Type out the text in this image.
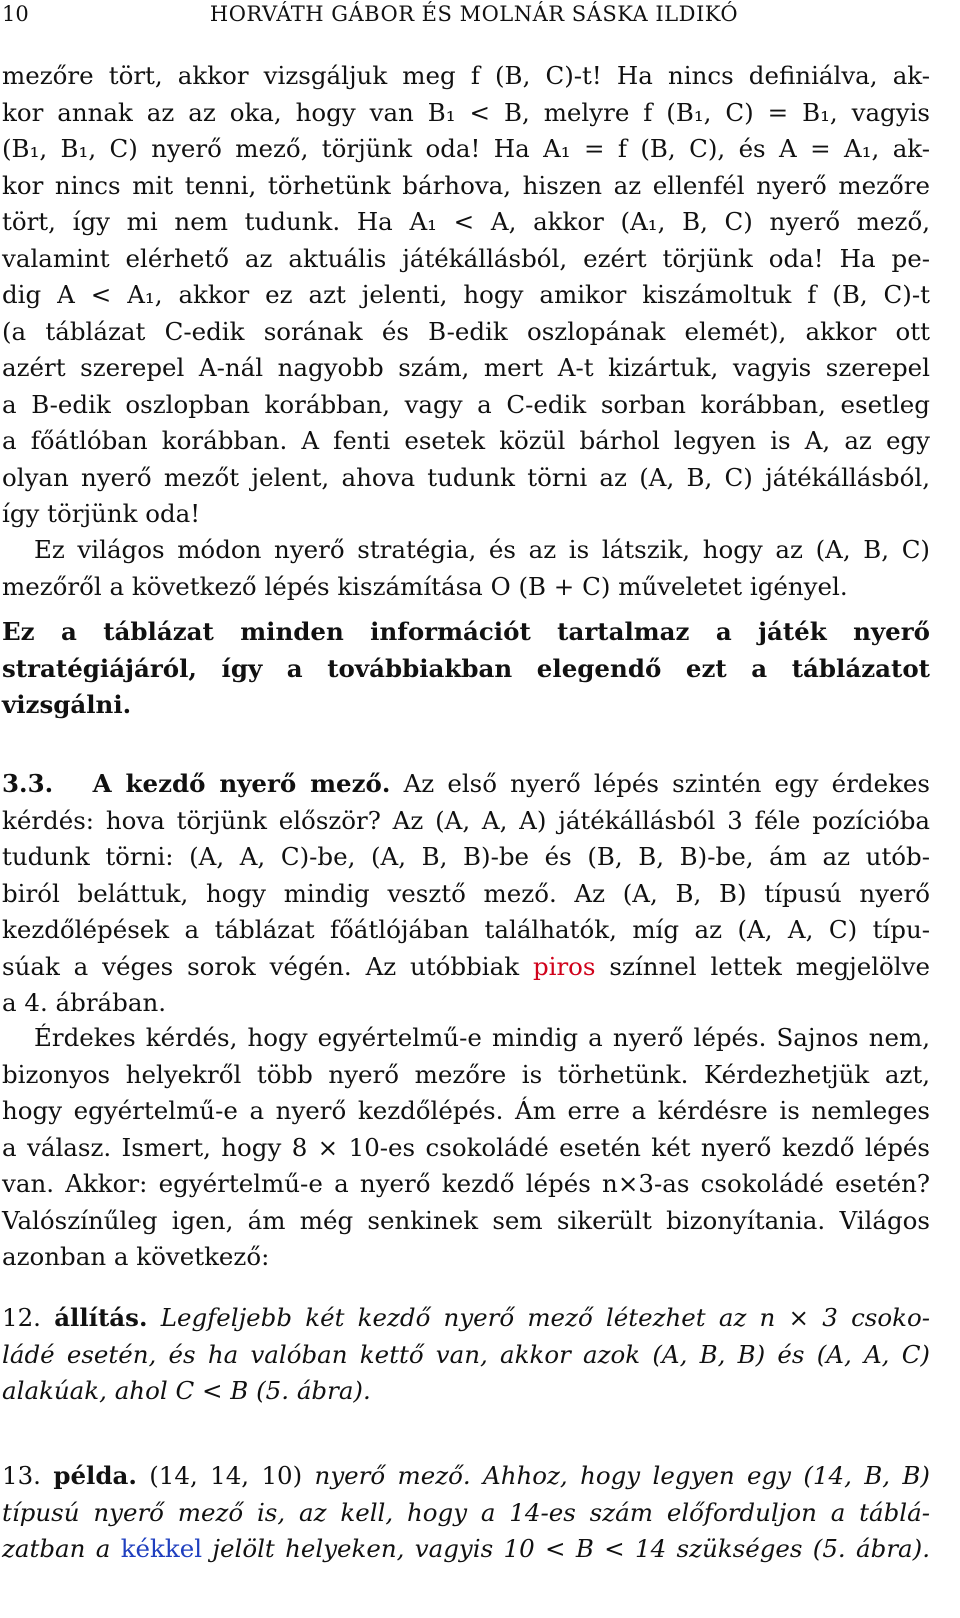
10	HORVÁTH GÁBOR ÉS MOLNÁR SÁSKA ILDIKÓ
mezőre tört, akkor vizsgáljuk meg f (B, C)-t! Ha nincs definiálva, ak-
kor annak az az oka, hogy van B₁ < B, melyre f (B₁, C) = B₁, vagyis
(B₁, B₁, C) nyerő mező, törjünk oda! Ha A₁ = f (B, C), és A = A₁, ak-
kor nincs mit tenni, törhetünk bárhova, hiszen az ellenfél nyerő mezőre
tört, így mi nem tudunk. Ha A₁ < A, akkor (A₁, B, C) nyerő mező,
valamint elérhető az aktuális játékállásból, ezért törjünk oda! Ha pe-
dig A < A₁, akkor ez azt jelenti, hogy amikor kiszámoltuk f (B, C)-t
(a táblázat C-edik sorának és B-edik oszlopának elemét), akkor ott
azért szerepel A-nál nagyobb szám, mert A-t kizártuk, vagyis szerepel
a B-edik oszlopban korábban, vagy a C-edik sorban korábban, esetleg
a főátlóban korábban. A fenti esetek közül bárhol legyen is A, az egy
olyan nyerő mezőt jelent, ahova tudunk törni az (A, B, C) játékállásból,
így törjünk oda!
Ez világos módon nyerő stratégia, és az is látszik, hogy az (A, B, C)
mezőről a következő lépés kiszámítása O (B + C) műveletet igényel.
Ez a táblázat minden információt tartalmaz a játék nyerő
stratégiájáról, így a továbbiakban elegendő ezt a táblázatot
vizsgálni.
3.3. A kezdő nyerő mező. Az első nyerő lépés szintén egy érdekes
kérdés: hova törjünk először? Az (A, A, A) játékállásból 3 féle pozícióba
tudunk törni: (A, A, C)-be, (A, B, B)-be és (B, B, B)-be, ám az utób-
biról beláttuk, hogy mindig vesztő mező. Az (A, B, B) típusú nyerő
kezdőlépések a táblázat főátlójában találhatók, míg az (A, A, C) típu-
súak a véges sorok végén. Az utóbbiak piros színnel lettek megjelölve
a 4. ábrában.
Érdekes kérdés, hogy egyértelmű-e mindig a nyerő lépés. Sajnos nem,
bizonyos helyekről több nyerő mezőre is törhetünk. Kérdezhetjük azt,
hogy egyértelmű-e a nyerő kezdőlépés. Ám erre a kérdésre is nemleges
a válasz. Ismert, hogy 8 × 10-es csokoládé esetén két nyerő kezdő lépés
van. Akkor: egyértelmű-e a nyerő kezdő lépés n×3-as csokoládé esetén?
Valószínűleg igen, ám még senkinek sem sikerült bizonyítania. Világos
azonban a következő:
12. állítás. Legfeljebb két kezdő nyerő mező létezhet az n × 3 csoko-
ládé esetén, és ha valóban kettő van, akkor azok (A, B, B) és (A, A, C)
alakúak, ahol C < B (5. ábra).
13. példa. (14, 14, 10) nyerő mező. Ahhoz, hogy legyen egy (14, B, B)
típusú nyerő mező is, az kell, hogy a 14-es szám előforduljon a táblá-
zatban a kékkel jelölt helyeken, vagyis 10 < B < 14 szükséges (5. ábra).
